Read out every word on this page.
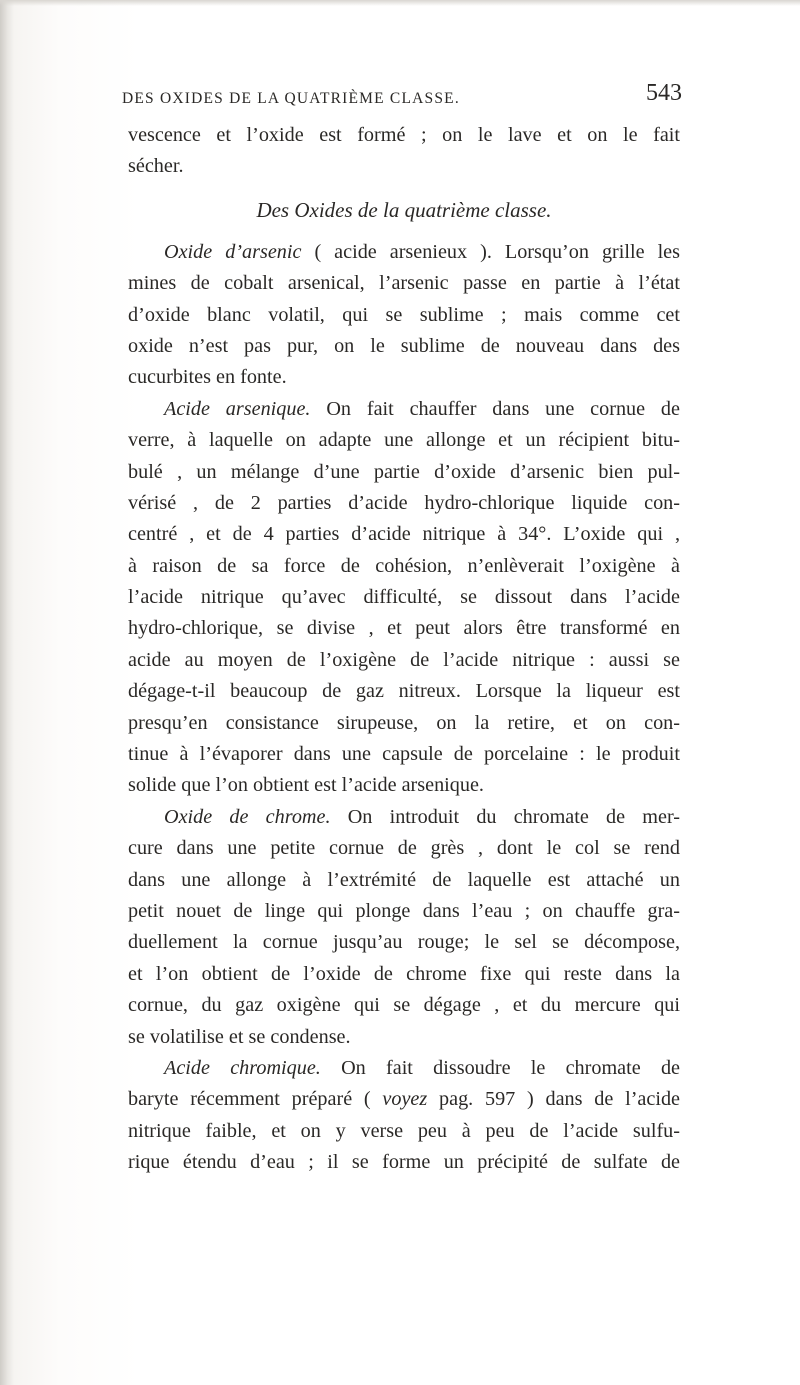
DES OXIDES DE LA QUATRIÈME CLASSE.	543
vescence et l’oxide est formé ; on le lave et on le fait
sécher.
Des Oxides de la quatrième classe.
Oxide d’arsenic ( acide arsenieux ). Lorsqu’on grille les
mines de cobalt arsenical, l’arsenic passe en partie à l’état
d’oxide blanc volatil, qui se sublime ; mais comme cet
oxide n’est pas pur, on le sublime de nouveau dans des
cucurbites en fonte.
Acide arsenique. On fait chauffer dans une cornue de
verre, à laquelle on adapte une allonge et un récipient bitu-
bulé , un mélange d’une partie d’oxide d’arsenic bien pul-
vérisé , de 2 parties d’acide hydro-chlorique liquide con-
centré , et de 4 parties d’acide nitrique à 34°. L’oxide qui ,
à raison de sa force de cohésion, n’enlèverait l’oxigène à
l’acide nitrique qu’avec difficulté, se dissout dans l’acide
hydro-chlorique, se divise , et peut alors être transformé en
acide au moyen de l’oxigène de l’acide nitrique : aussi se
dégage-t-il beaucoup de gaz nitreux. Lorsque la liqueur est
presqu’en consistance sirupeuse, on la retire, et on con-
tinue à l’évaporer dans une capsule de porcelaine : le produit
solide que l’on obtient est l’acide arsenique.
Oxide de chrome. On introduit du chromate de mer-
cure dans une petite cornue de grès , dont le col se rend
dans une allonge à l’extrémité de laquelle est attaché un
petit nouet de linge qui plonge dans l’eau ; on chauffe gra-
duellement la cornue jusqu’au rouge; le sel se décompose,
et l’on obtient de l’oxide de chrome fixe qui reste dans la
cornue, du gaz oxigène qui se dégage , et du mercure qui
se volatilise et se condense.
Acide chromique. On fait dissoudre le chromate de
baryte récemment préparé ( voyez pag. 597 ) dans de l’acide
nitrique faible, et on y verse peu à peu de l’acide sulfu-
rique étendu d’eau ; il se forme un précipité de sulfate de
